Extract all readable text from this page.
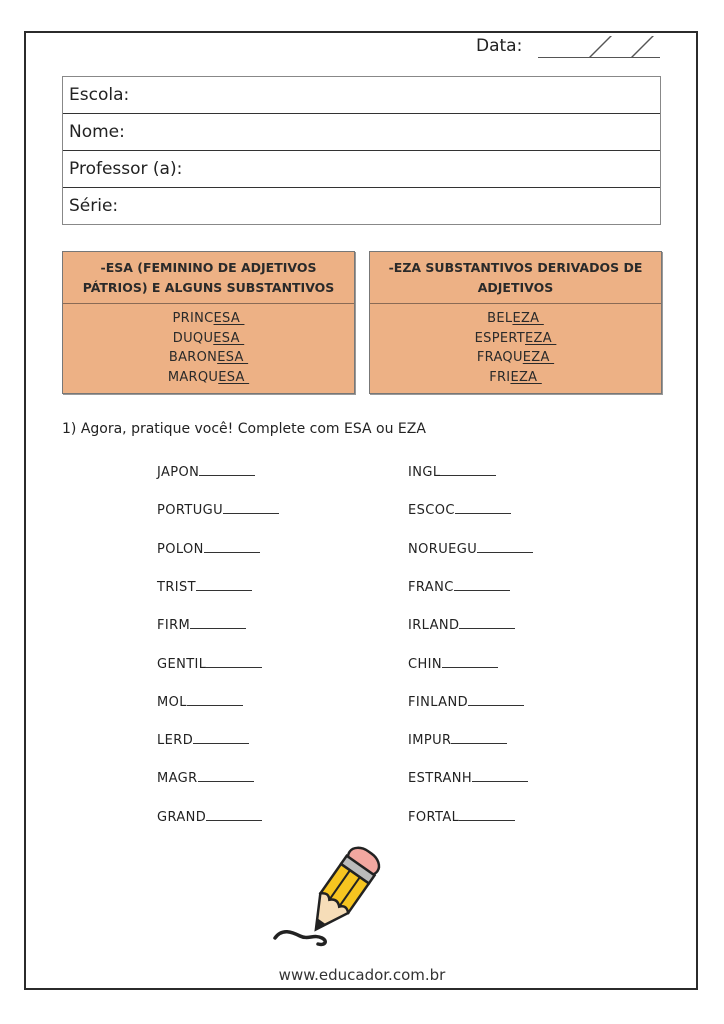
Data:
Escola:
Nome:
Professor (a):
Série:
-ESA (FEMININO DE ADJETIVOS PÁTRIOS) E ALGUNS SUBSTANTIVOS
PRINCESA
DUQUESA
BARONESA
MARQUESA
-EZA SUBSTANTIVOS DERIVADOS DE ADJETIVOS
BELEZA
ESPERTEZA
FRAQUEZA
FRIEZA
1) Agora, pratique você! Complete com ESA ou EZA
JAPON
PORTUGU
POLON
TRIST
FIRM
GENTIL
MOL
LERD
MAGR
GRAND
INGL
ESCOC
NORUEGU
FRANC
IRLAND
CHIN
FINLAND
IMPUR
ESTRANH
FORTAL
www.educador.com.br
